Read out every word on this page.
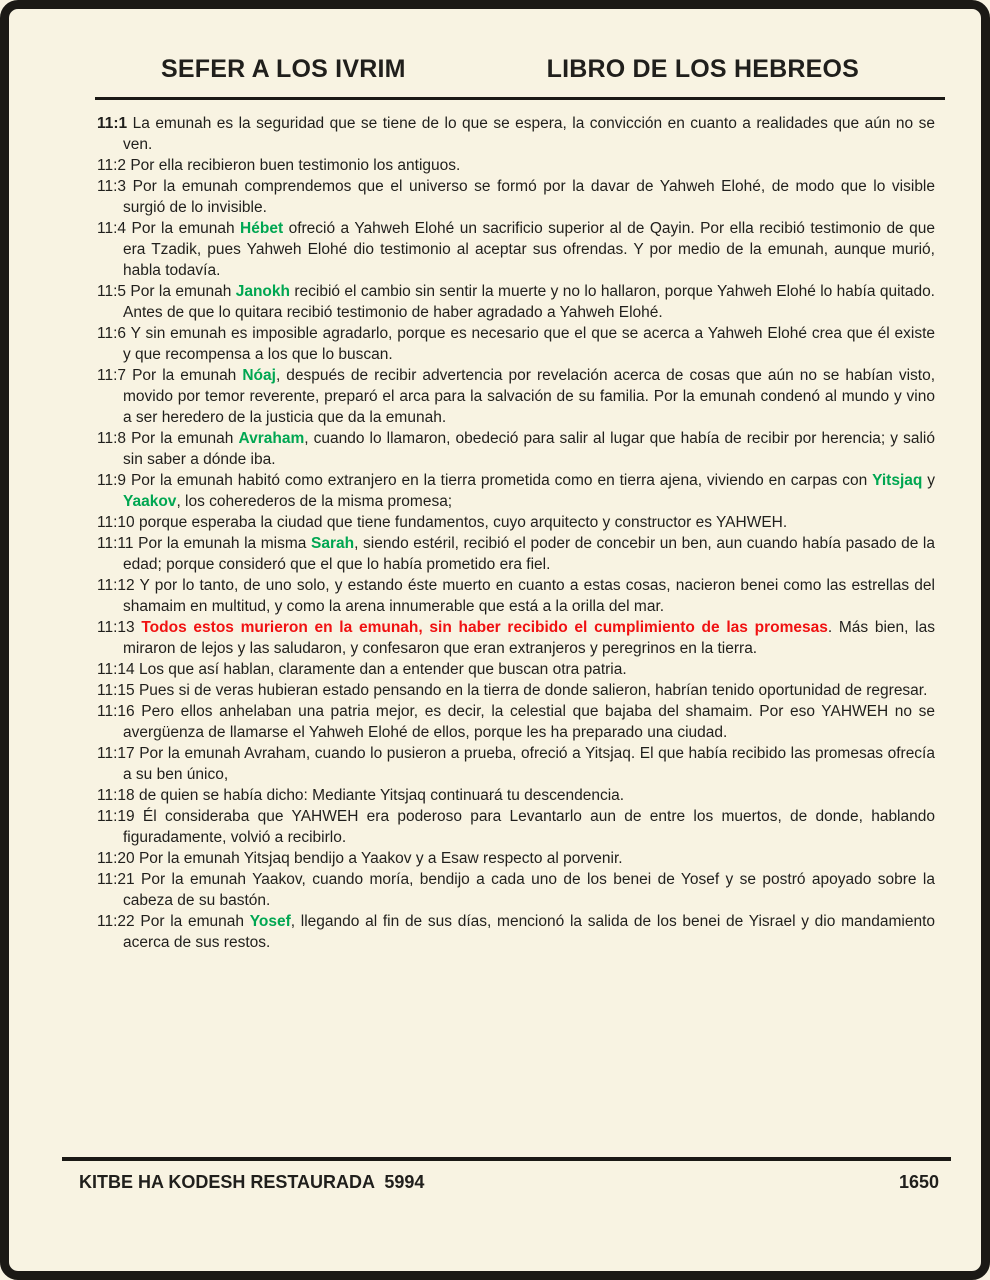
SEFER A LOS IVRIM	LIBRO DE LOS HEBREOS

11:1 La emunah es la seguridad que se tiene de lo que se espera, la convicción en cuanto a realidades que aún no se ven.

11:2 Por ella recibieron buen testimonio los antiguos.

11:3 Por la emunah comprendemos que el universo se formó por la davar de Yahweh Elohé, de modo que lo visible surgió de lo invisible.

11:4 Por la emunah Hébet ofreció a Yahweh Elohé un sacrificio superior al de Qayin. Por ella recibió testimonio de que era Tzadik, pues Yahweh Elohé dio testimonio al aceptar sus ofrendas. Y por medio de la emunah, aunque murió, habla todavía.

11:5 Por la emunah Janokh recibió el cambio sin sentir la muerte y no lo hallaron, porque Yahweh Elohé lo había quitado. Antes de que lo quitara recibió testimonio de haber agradado a Yahweh Elohé.

11:6 Y sin emunah es imposible agradarlo, porque es necesario que el que se acerca a Yahweh Elohé crea que él existe y que recompensa a los que lo buscan.

11:7 Por la emunah Nóaj, después de recibir advertencia por revelación acerca de cosas que aún no se habían visto, movido por temor reverente, preparó el arca para la salvación de su familia. Por la emunah condenó al mundo y vino a ser heredero de la justicia que da la emunah.

11:8 Por la emunah Avraham, cuando lo llamaron, obedeció para salir al lugar que había de recibir por herencia; y salió sin saber a dónde iba.

11:9 Por la emunah habitó como extranjero en la tierra prometida como en tierra ajena, viviendo en carpas con Yitsjaq y Yaakov, los coherederos de la misma promesa;

11:10 porque esperaba la ciudad que tiene fundamentos, cuyo arquitecto y constructor es YAHWEH.

11:11 Por la emunah la misma Sarah, siendo estéril, recibió el poder de concebir un ben, aun cuando había pasado de la edad; porque consideró que el que lo había prometido era fiel.

11:12 Y por lo tanto, de uno solo, y estando éste muerto en cuanto a estas cosas, nacieron benei como las estrellas del shamaim en multitud, y como la arena innumerable que está a la orilla del mar.

11:13 Todos estos murieron en la emunah, sin haber recibido el cumplimiento de las promesas. Más bien, las miraron de lejos y las saludaron, y confesaron que eran extranjeros y peregrinos en la tierra.

11:14 Los que así hablan, claramente dan a entender que buscan otra patria.

11:15 Pues si de veras hubieran estado pensando en la tierra de donde salieron, habrían tenido oportunidad de regresar.

11:16 Pero ellos anhelaban una patria mejor, es decir, la celestial que bajaba del shamaim. Por eso YAHWEH no se avergüenza de llamarse el Yahweh Elohé de ellos, porque les ha preparado una ciudad.

11:17 Por la emunah Avraham, cuando lo pusieron a prueba, ofreció a Yitsjaq. El que había recibido las promesas ofrecía a su ben único,

11:18 de quien se había dicho: Mediante Yitsjaq continuará tu descendencia.

11:19 Él consideraba que YAHWEH era poderoso para Levantarlo aun de entre los muertos, de donde, hablando figuradamente, volvió a recibirlo.

11:20 Por la emunah Yitsjaq bendijo a Yaakov y a Esaw respecto al porvenir.

11:21 Por la emunah Yaakov, cuando moría, bendijo a cada uno de los benei de Yosef y se postró apoyado sobre la cabeza de su bastón.

11:22 Por la emunah Yosef, llegando al fin de sus días, mencionó la salida de los benei de Yisrael y dio mandamiento acerca de sus restos.

KITBE HA KODESH RESTAURADA  5994	1650
